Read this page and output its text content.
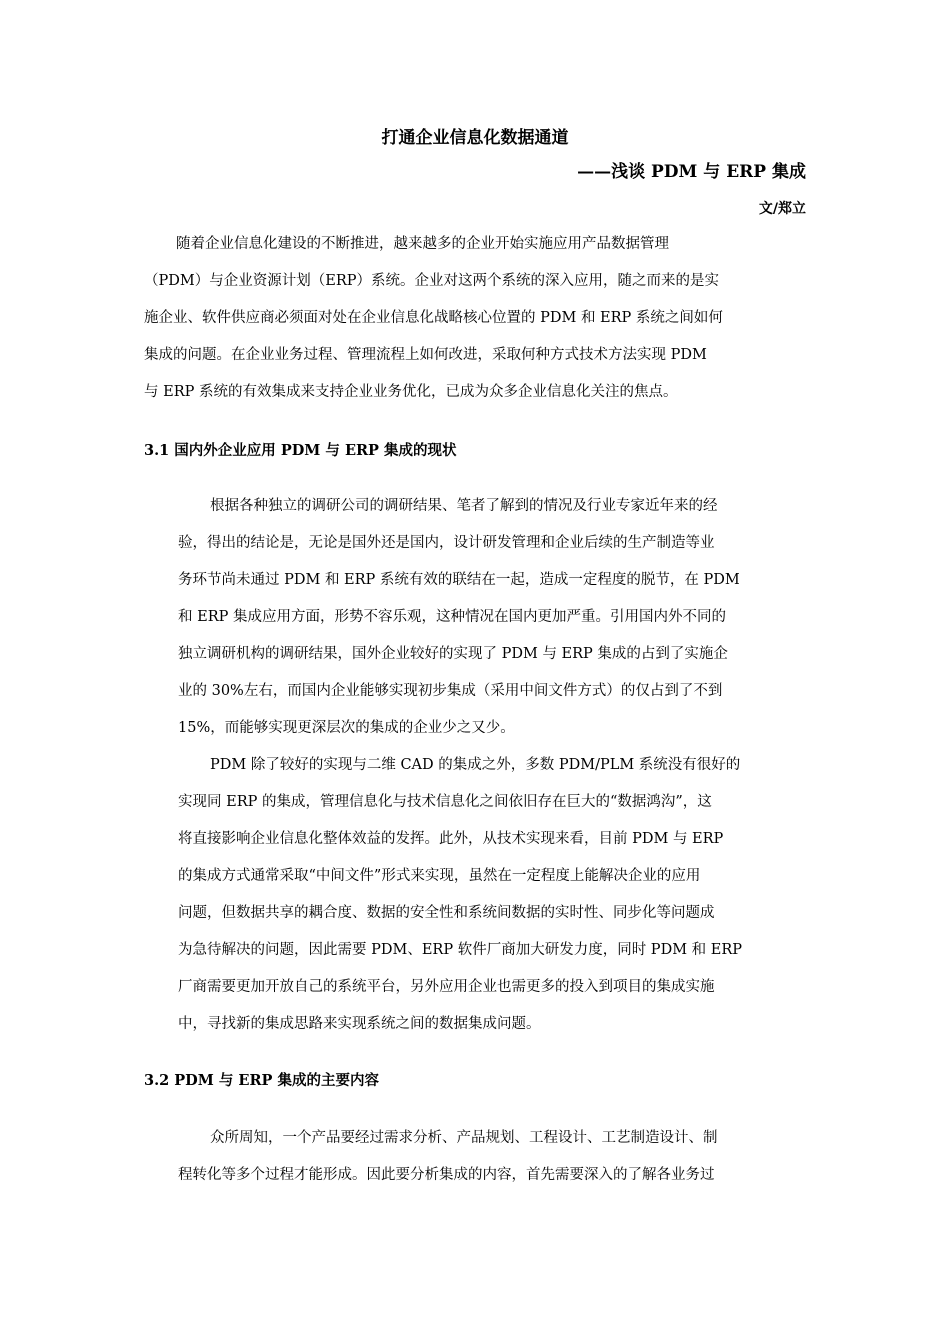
打通企业信息化数据通道
——浅谈 PDM 与 ERP 集成
文/郑立
随着企业信息化建设的不断推进，越来越多的企业开始实施应用产品数据管理
（PDM）与企业资源计划（ERP）系统。企业对这两个系统的深入应用，随之而来的是实
施企业、软件供应商必须面对处在企业信息化战略核心位置的 PDM 和 ERP 系统之间如何
集成的问题。在企业业务过程、管理流程上如何改进，采取何种方式技术方法实现 PDM
与 ERP 系统的有效集成来支持企业业务优化，已成为众多企业信息化关注的焦点。
3.1 国内外企业应用 PDM 与 ERP 集成的现状
根据各种独立的调研公司的调研结果、笔者了解到的情况及行业专家近年来的经
验，得出的结论是，无论是国外还是国内，设计研发管理和企业后续的生产制造等业
务环节尚未通过 PDM 和 ERP 系统有效的联结在一起，造成一定程度的脱节，在 PDM
和 ERP 集成应用方面，形势不容乐观，这种情况在国内更加严重。引用国内外不同的
独立调研机构的调研结果，国外企业较好的实现了 PDM 与 ERP 集成的占到了实施企
业的 30%左右，而国内企业能够实现初步集成（采用中间文件方式）的仅占到了不到
15%，而能够实现更深层次的集成的企业少之又少。
PDM 除了较好的实现与二维 CAD 的集成之外，多数 PDM/PLM 系统没有很好的
实现同 ERP 的集成，管理信息化与技术信息化之间依旧存在巨大的“数据鸿沟”，这
将直接影响企业信息化整体效益的发挥。此外，从技术实现来看，目前 PDM 与 ERP
的集成方式通常采取“中间文件”形式来实现，虽然在一定程度上能解决企业的应用
问题，但数据共享的耦合度、数据的安全性和系统间数据的实时性、同步化等问题成
为急待解决的问题，因此需要 PDM、ERP 软件厂商加大研发力度，同时 PDM 和 ERP
厂商需要更加开放自己的系统平台，另外应用企业也需更多的投入到项目的集成实施
中，寻找新的集成思路来实现系统之间的数据集成问题。
3.2 PDM 与 ERP 集成的主要内容
众所周知，一个产品要经过需求分析、产品规划、工程设计、工艺制造设计、制
程转化等多个过程才能形成。因此要分析集成的内容，首先需要深入的了解各业务过
